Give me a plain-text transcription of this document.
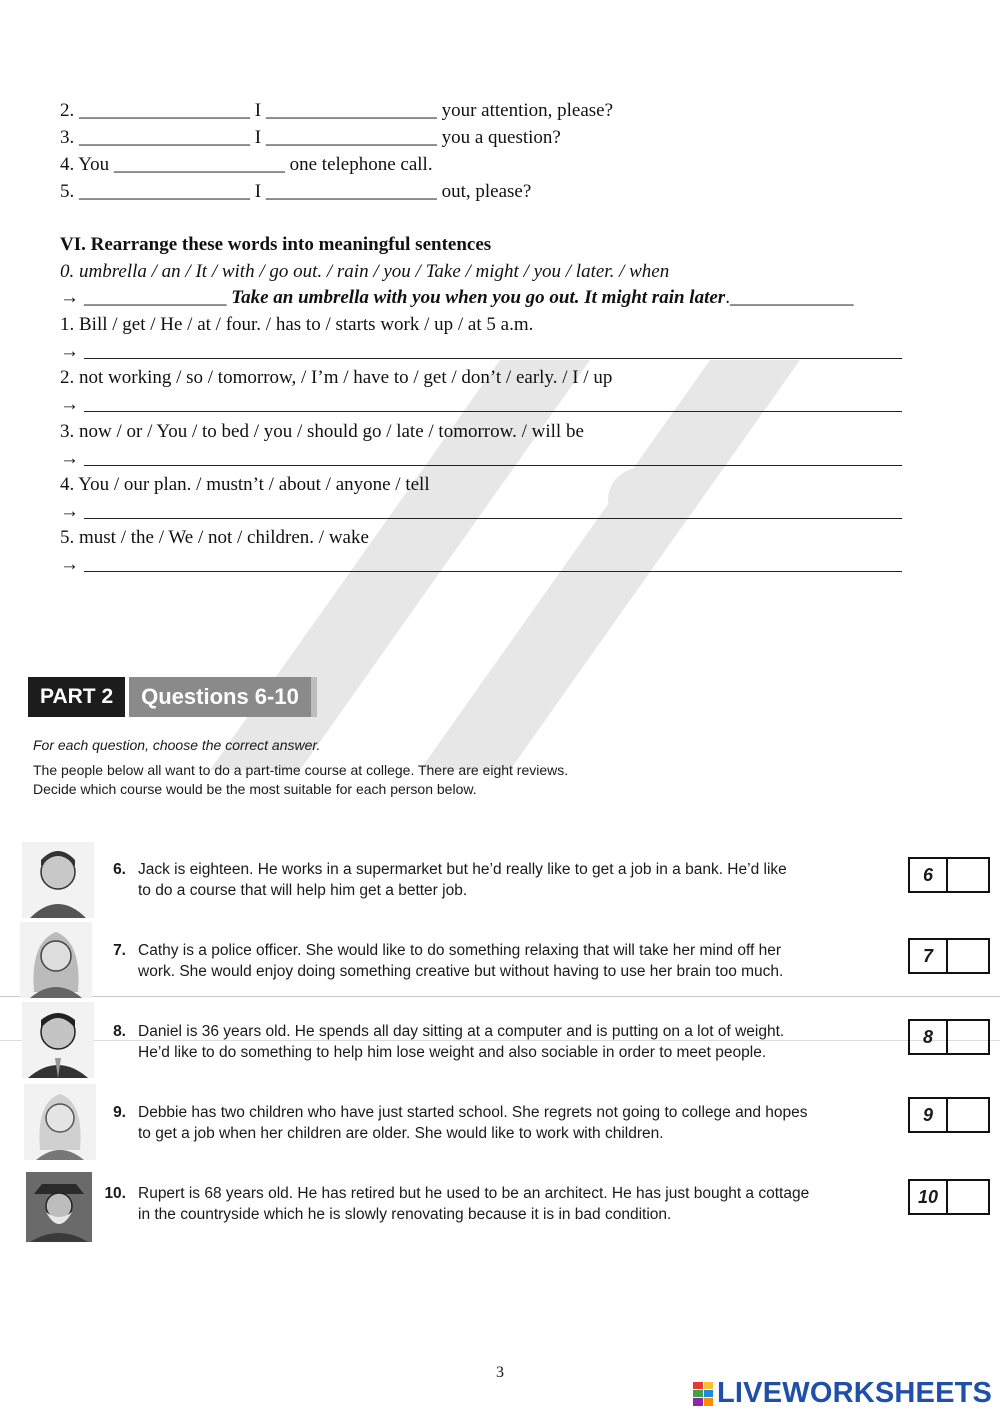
2. __________________ I __________________ your attention, please?
3. __________________ I __________________ you a question?
4. You __________________ one telephone call.
5. __________________ I __________________ out, please?
VI. Rearrange these words into meaningful sentences
0. umbrella / an / It / with / go out. / rain / you / Take / might / you / later. / when
→ _______________ Take an umbrella with you when you go out. It might rain later._____________
1. Bill / get / He / at / four. / has to / starts work / up / at 5 a.m.
→
2. not working / so / tomorrow, / I’m / have to / get / don’t / early. / I / up
→
3. now / or / You / to bed / you / should go / late / tomorrow. / will be
→
4. You / our plan. / mustn’t / about / anyone / tell
→
5. must / the / We / not / children. / wake
→
PART 2	Questions 6-10
For each question, choose the correct answer.
The people below all want to do a part-time course at college. There are eight reviews.
Decide which course would be the most suitable for each person below.
6. Jack is eighteen. He works in a supermarket but he’d really like to get a job in a bank. He’d like
to do a course that will help him get a better job.
6
7. Cathy is a police officer. She would like to do something relaxing that will take her mind off her
work. She would enjoy doing something creative but without having to use her brain too much.
7
8. Daniel is 36 years old. He spends all day sitting at a computer and is putting on a lot of weight.
He’d like to do something to help him lose weight and also sociable in order to meet people.
8
9. Debbie has two children who have just started school. She regrets not going to college and hopes
to get a job when her children are older. She would like to work with children.
9
10. Rupert is 68 years old. He has retired but he used to be an architect. He has just bought a cottage
in the countryside which he is slowly renovating because it is in bad condition.
10
3
LIVEWORKSHEETS
